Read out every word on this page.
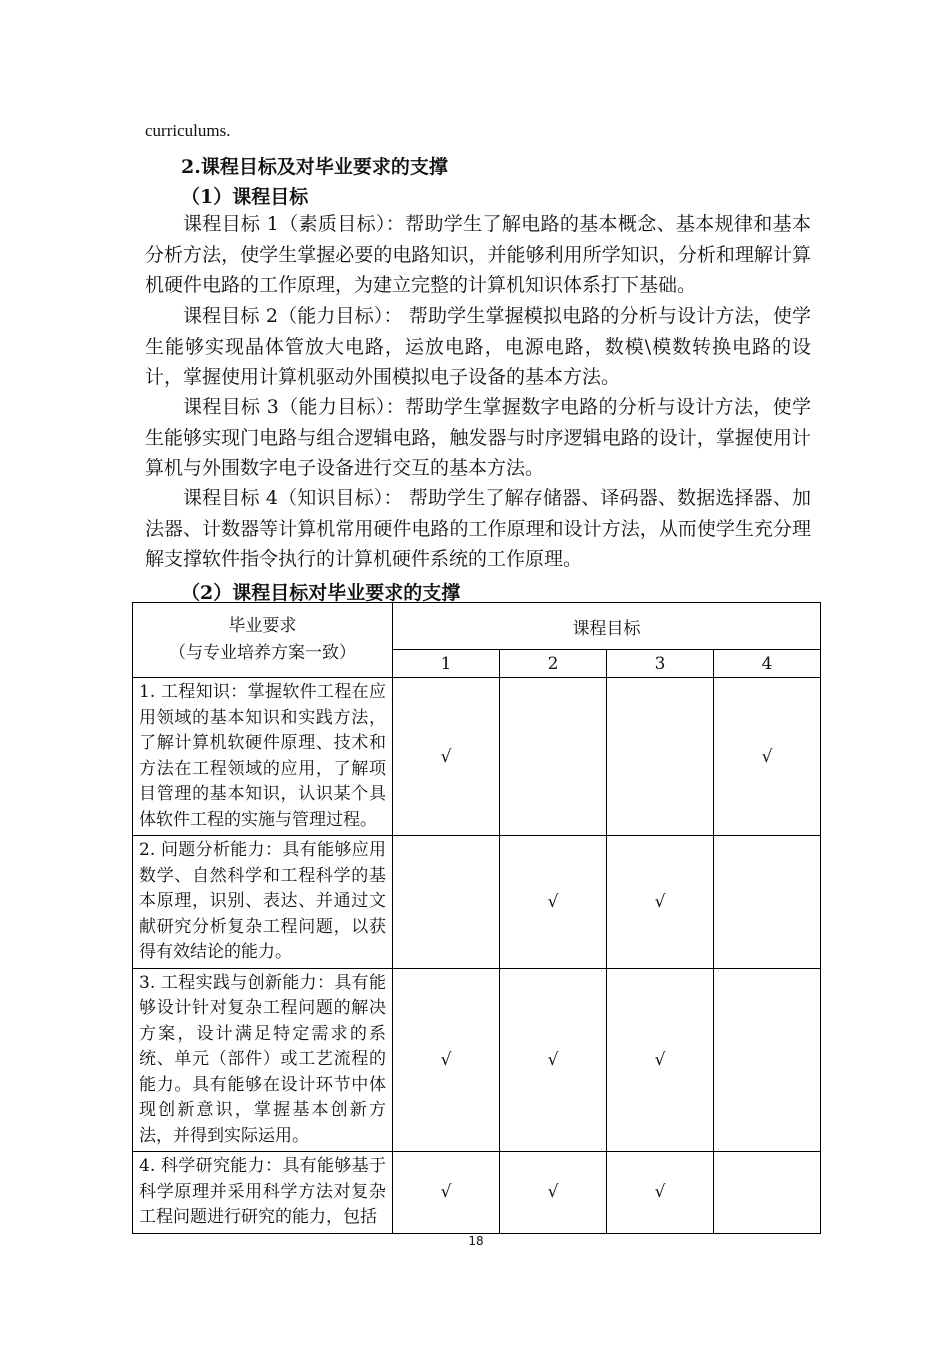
curriculums.
2.课程目标及对毕业要求的支撑
（1）课程目标
课程目标 1（素质目标）：帮助学生了解电路的基本概念、基本规律和基本分析方法，使学生掌握必要的电路知识，并能够利用所学知识，分析和理解计算机硬件电路的工作原理，为建立完整的计算机知识体系打下基础。
课程目标 2（能力目标）： 帮助学生掌握模拟电路的分析与设计方法，使学生能够实现晶体管放大电路，运放电路，电源电路，数模\模数转换电路的设计，掌握使用计算机驱动外围模拟电子设备的基本方法。
课程目标 3（能力目标）：帮助学生掌握数字电路的分析与设计方法，使学生能够实现门电路与组合逻辑电路，触发器与时序逻辑电路的设计，掌握使用计算机与外围数字电子设备进行交互的基本方法。
课程目标 4（知识目标）： 帮助学生了解存储器、译码器、数据选择器、加法器、计数器等计算机常用硬件电路的工作原理和设计方法，从而使学生充分理解支撑软件指令执行的计算机硬件系统的工作原理。
（2）课程目标对毕业要求的支撑
毕业要求
（与专业培养方案一致）	课程目标			
	1	2	3	4
1. 工程知识：掌握软件工程在应用领域的基本知识和实践方法，了解计算机软硬件原理、技术和方法在工程领域的应用，了解项目管理的基本知识，认识某个具体软件工程的实施与管理过程。	√			√
2. 问题分析能力：具有能够应用数学、自然科学和工程科学的基本原理，识别、表达、并通过文献研究分析复杂工程问题，以获得有效结论的能力。		√	√	
3. 工程实践与创新能力：具有能够设计针对复杂工程问题的解决方案，设计满足特定需求的系统、单元（部件）或工艺流程的能力。具有能够在设计环节中体现创新意识，掌握基本创新方法，并得到实际运用。	√	√	√	
4. 科学研究能力：具有能够基于科学原理并采用科学方法对复杂工程问题进行研究的能力，包括	√	√	√	
18
